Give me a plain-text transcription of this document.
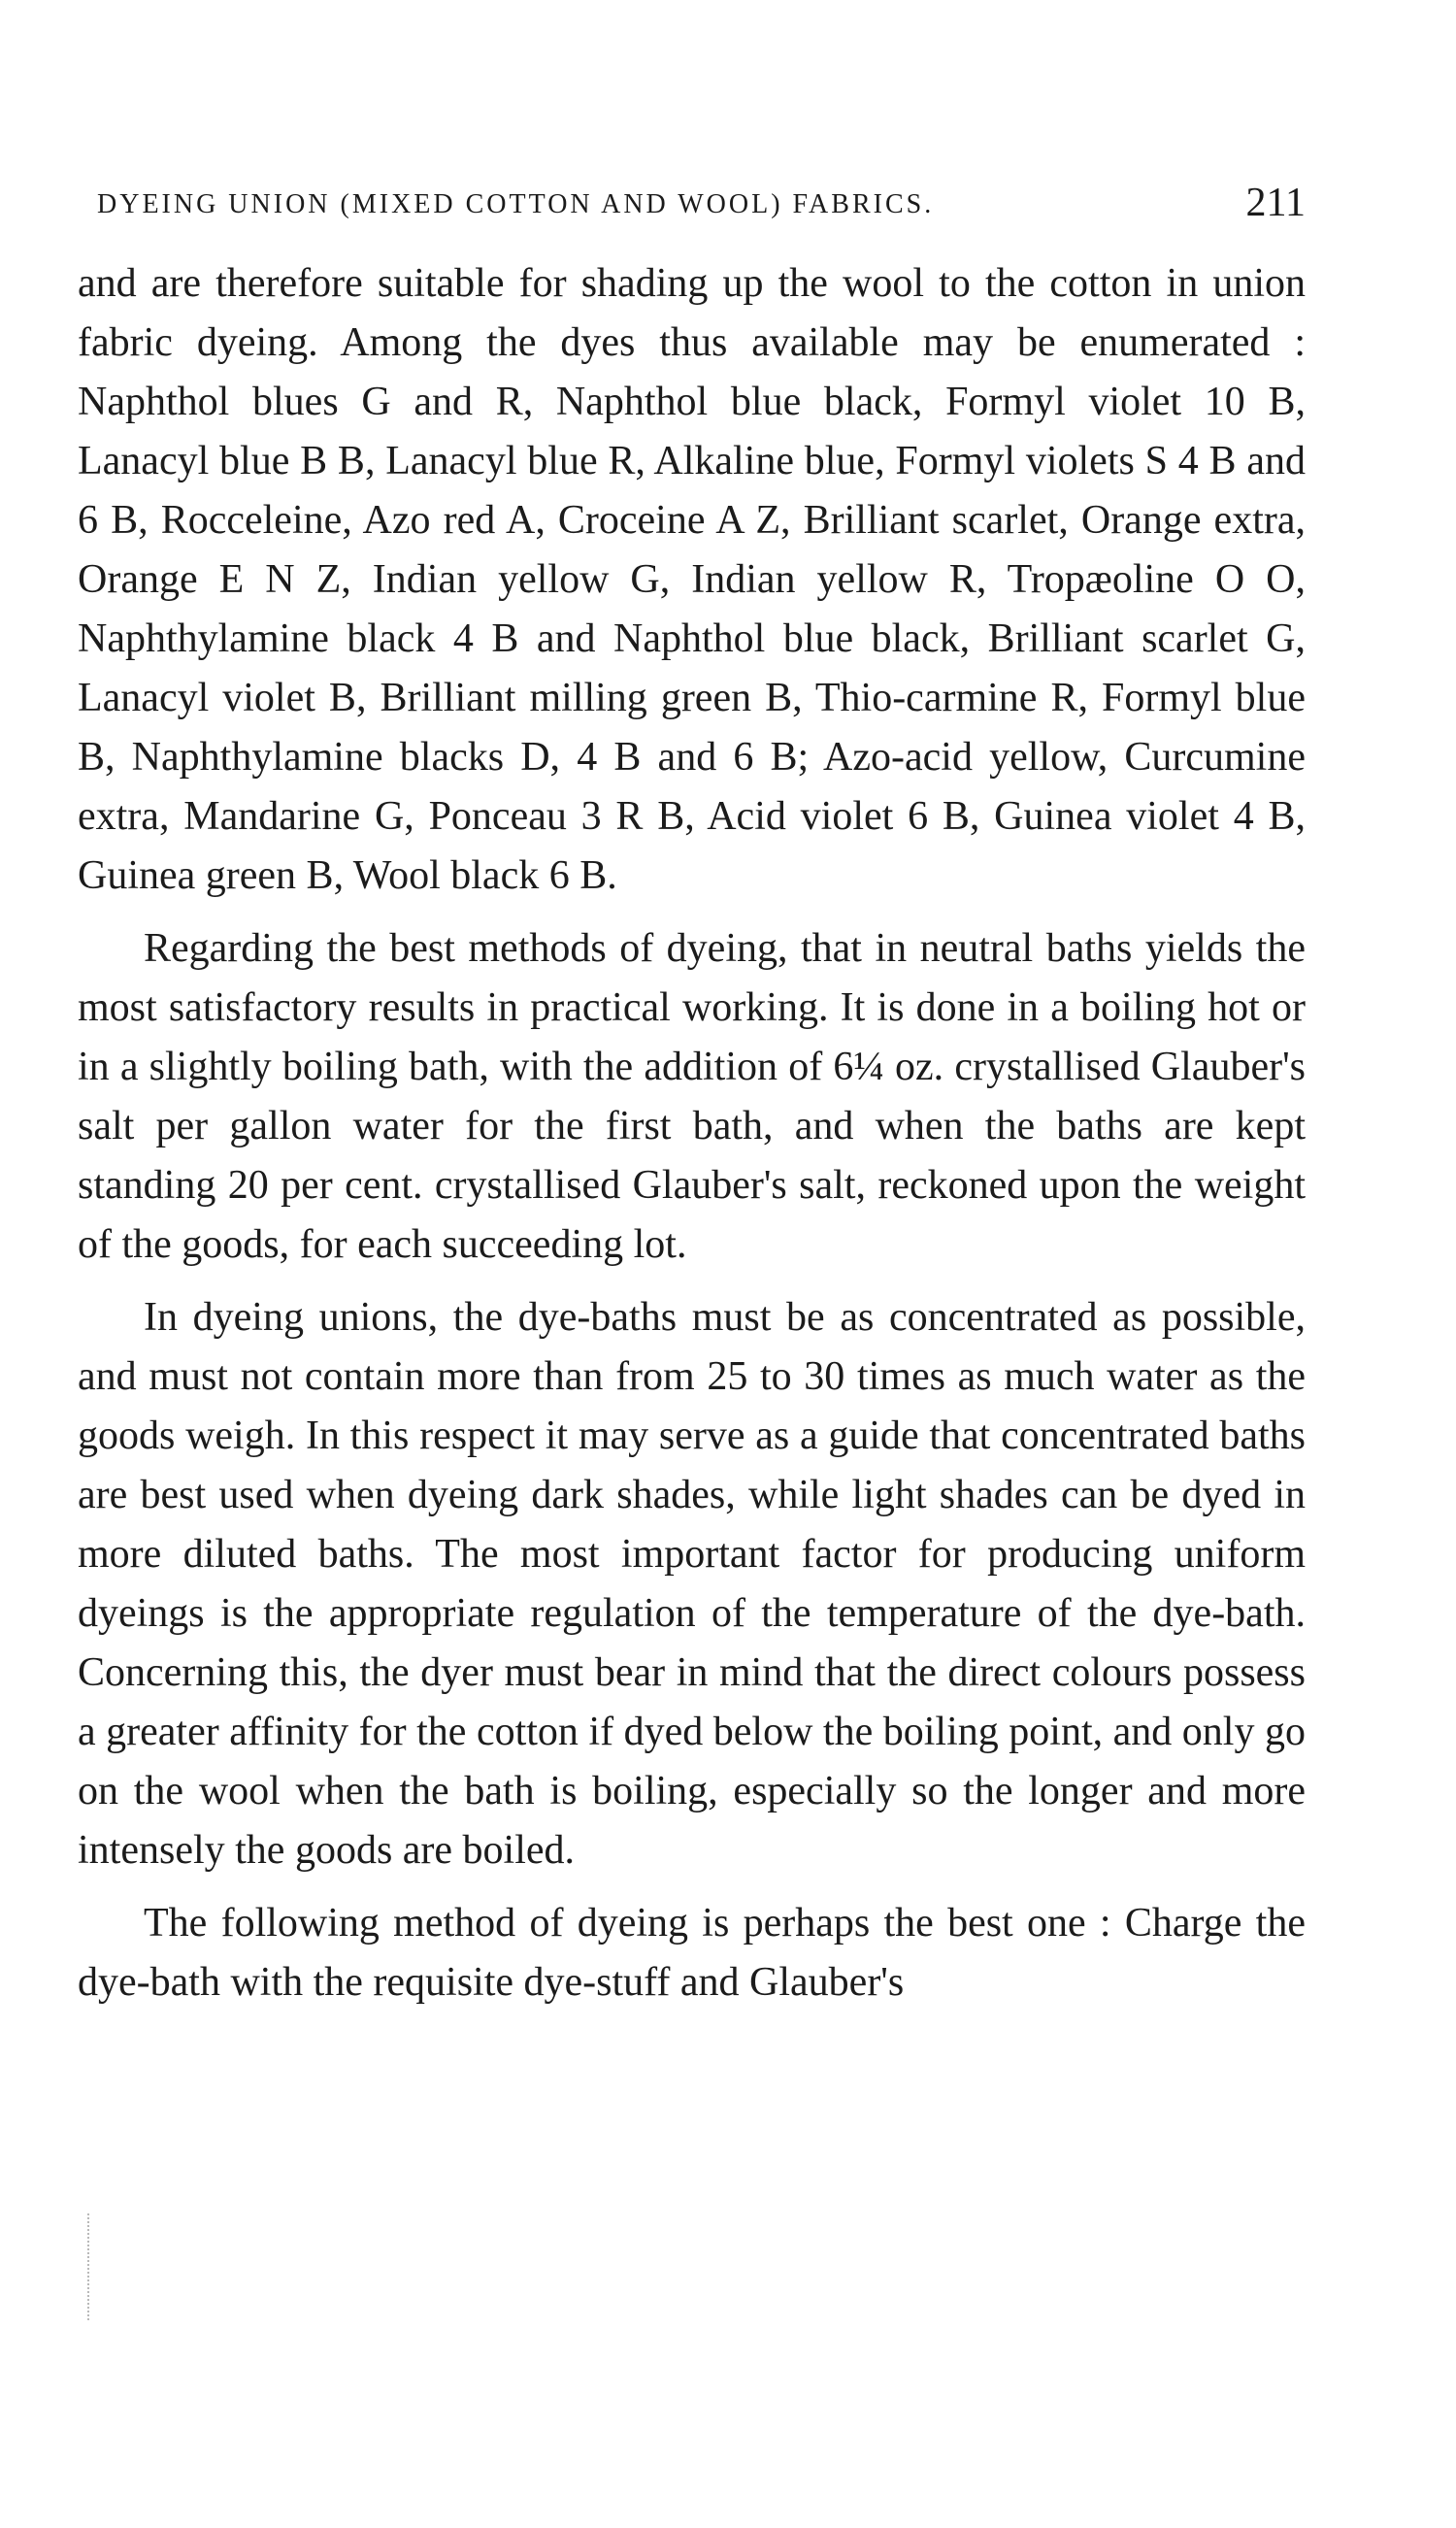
DYEING UNION (MIXED COTTON AND WOOL) FABRICS.	211

and are therefore suitable for shading up the wool to the cotton in union fabric dyeing. Among the dyes thus available may be enumerated : Naphthol blues G and R, Naphthol blue black, Formyl violet 10 B, Lanacyl blue B B, Lanacyl blue R, Alkaline blue, Formyl violets S 4 B and 6 B, Rocceleine, Azo red A, Croceine A Z, Brilliant scarlet, Orange extra, Orange E N Z, Indian yellow G, Indian yellow R, Tropæoline O O, Naphthylamine black 4 B and Naphthol blue black, Brilliant scarlet G, Lanacyl violet B, Brilliant milling green B, Thio-carmine R, Formyl blue B, Naphthylamine blacks D, 4 B and 6 B; Azo-acid yellow, Curcumine extra, Mandarine G, Ponceau 3 R B, Acid violet 6 B, Guinea violet 4 B, Guinea green B, Wool black 6 B.

Regarding the best methods of dyeing, that in neutral baths yields the most satisfactory results in practical working. It is done in a boiling hot or in a slightly boiling bath, with the addition of 6¼ oz. crystallised Glauber's salt per gallon water for the first bath, and when the baths are kept standing 20 per cent. crystallised Glauber's salt, reckoned upon the weight of the goods, for each succeeding lot.

In dyeing unions, the dye-baths must be as concentrated as possible, and must not contain more than from 25 to 30 times as much water as the goods weigh. In this respect it may serve as a guide that concentrated baths are best used when dyeing dark shades, while light shades can be dyed in more diluted baths. The most important factor for producing uniform dyeings is the appropriate regulation of the temperature of the dye-bath. Concerning this, the dyer must bear in mind that the direct colours possess a greater affinity for the cotton if dyed below the boiling point, and only go on the wool when the bath is boiling, especially so the longer and more intensely the goods are boiled.

The following method of dyeing is perhaps the best one : Charge the dye-bath with the requisite dye-stuff and Glauber's
